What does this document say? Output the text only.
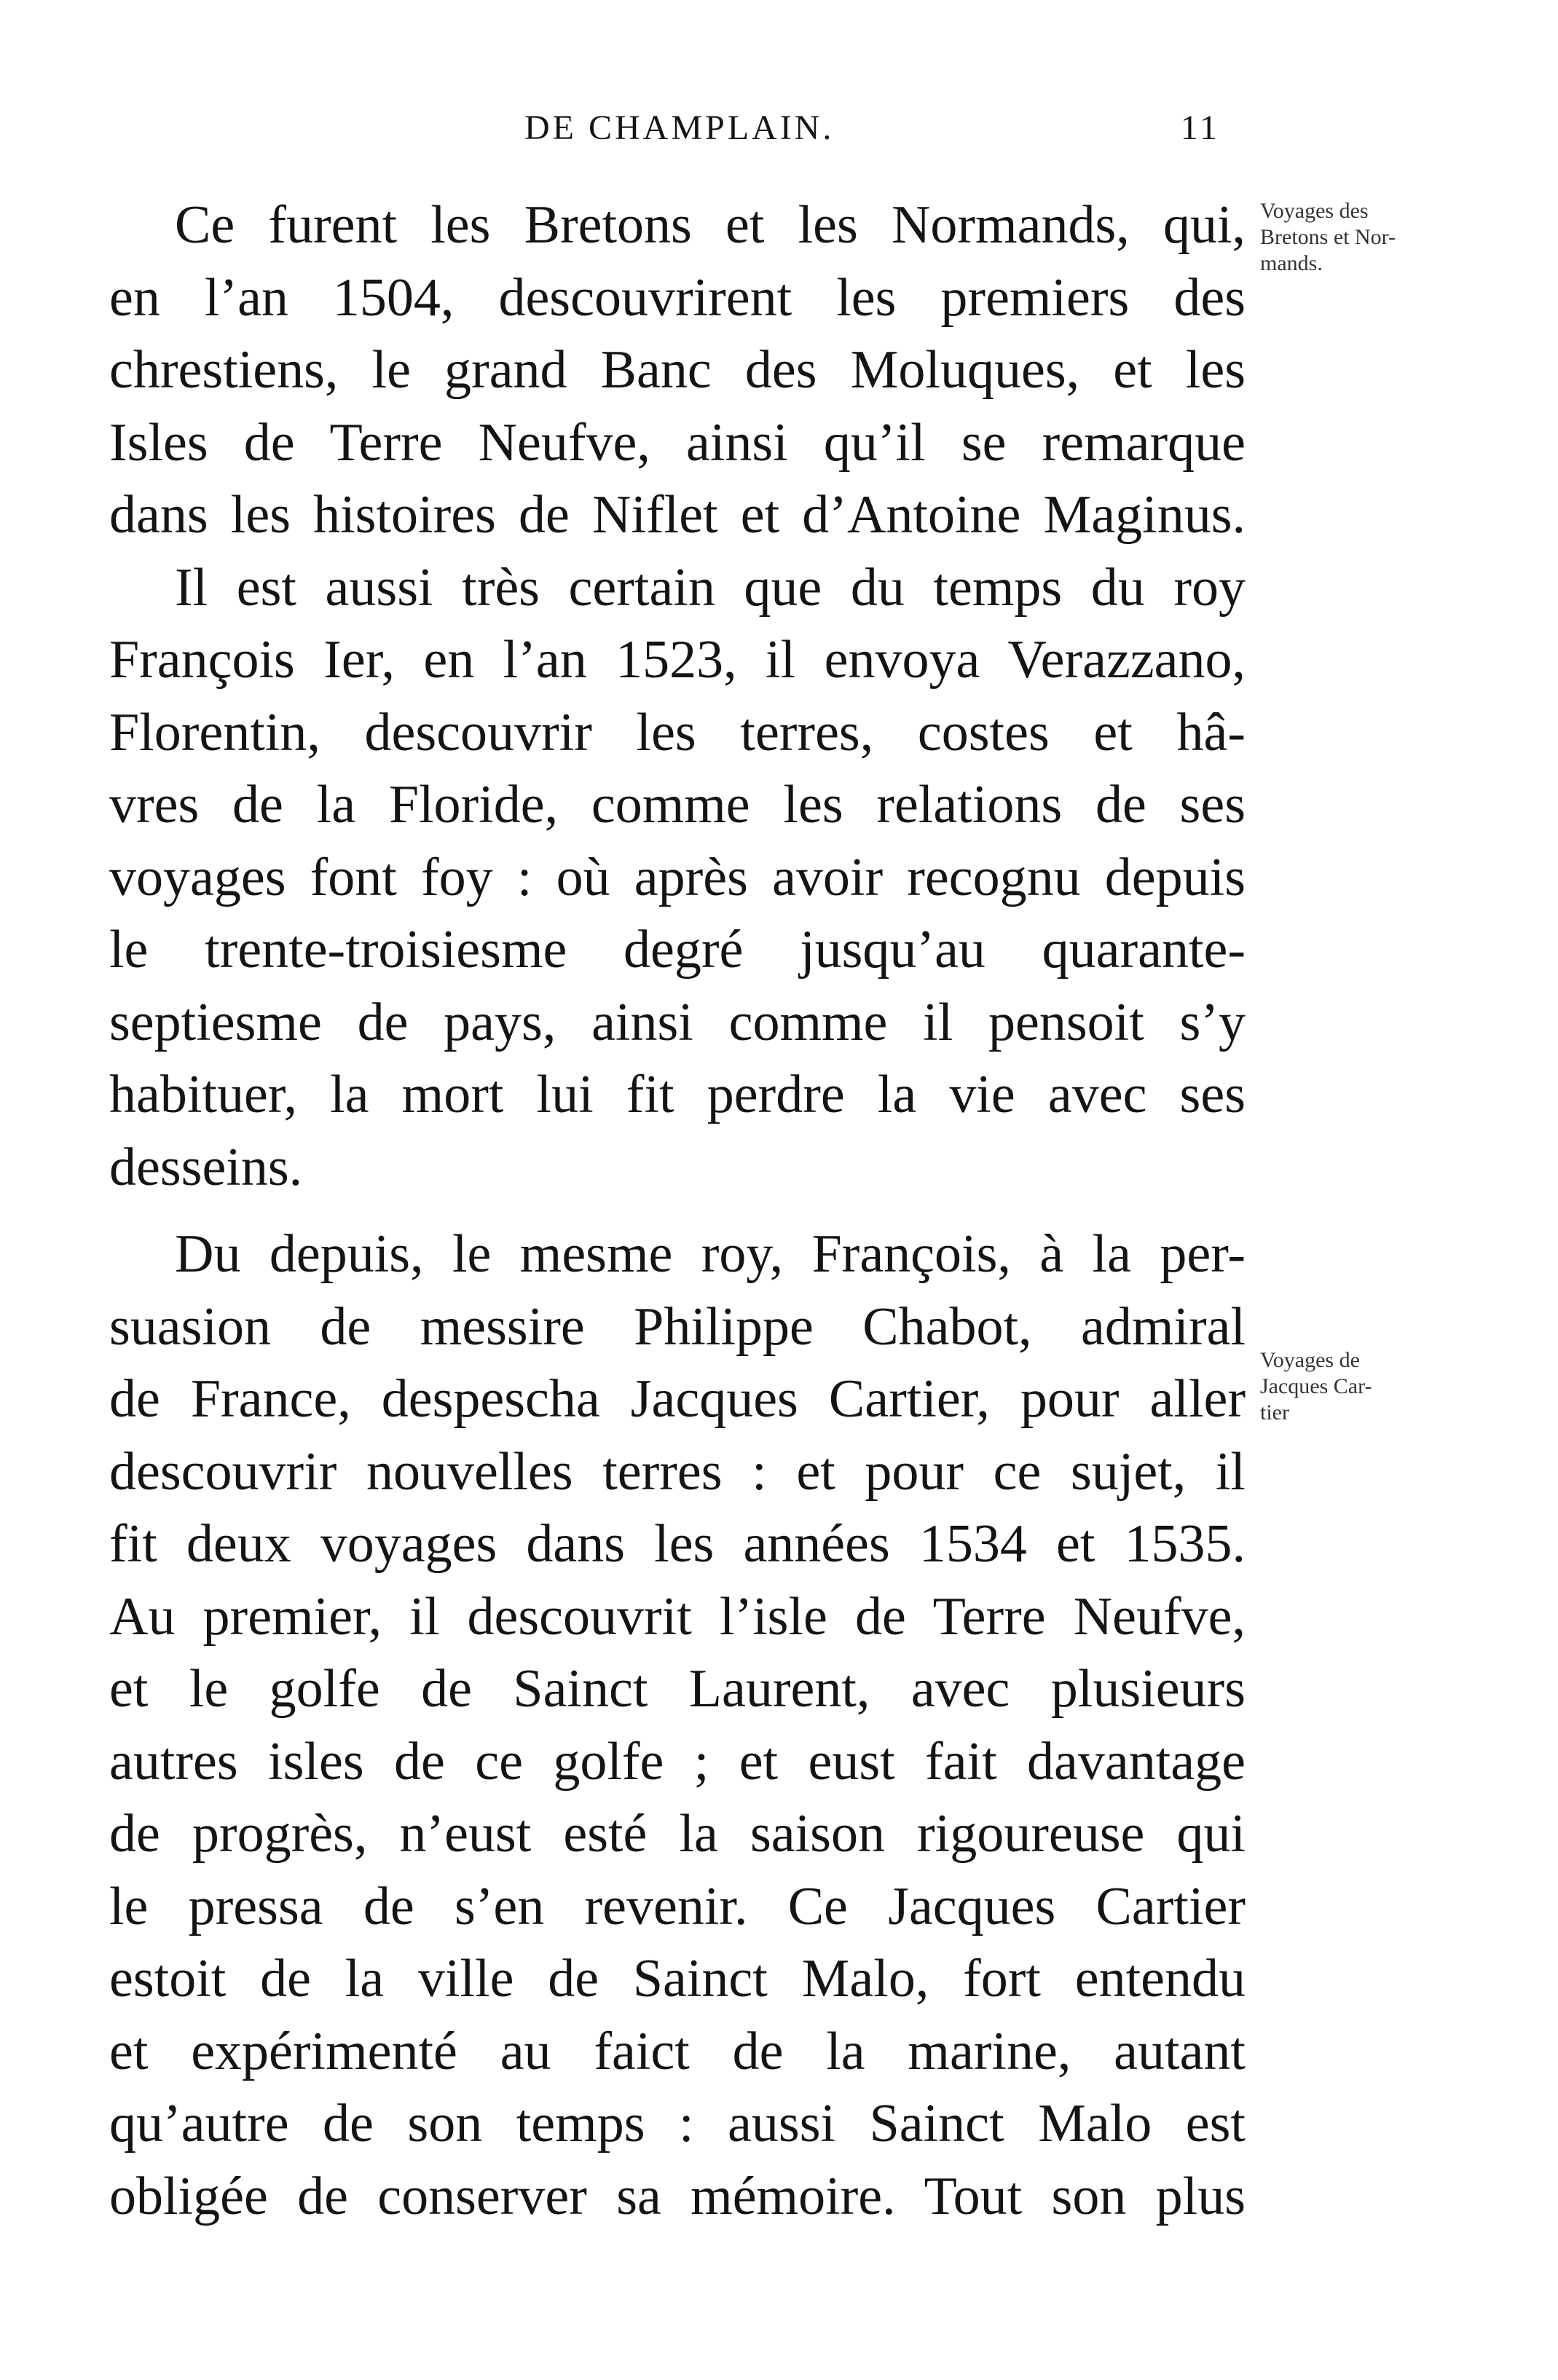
DE CHAMPLAIN.	11
Ce furent les Bretons et les Normands, qui,
en l’an 1504, descouvrirent les premiers des
chrestiens, le grand Banc des Moluques, et les
Isles de Terre Neufve, ainsi qu’il se remarque
dans les histoires de Niflet et d’Antoine Maginus.
Il est aussi très certain que du temps du roy
François Ier, en l’an 1523, il envoya Verazzano,
Florentin, descouvrir les terres, costes et hâ-
vres de la Floride, comme les relations de ses
voyages font foy : où après avoir recognu depuis
le trente-troisiesme degré jusqu’au quarante-
septiesme de pays, ainsi comme il pensoit s’y
habituer, la mort lui fit perdre la vie avec ses
desseins.
Du depuis, le mesme roy, François, à la per-
suasion de messire Philippe Chabot, admiral
de France, despescha Jacques Cartier, pour aller
descouvrir nouvelles terres : et pour ce sujet, il
fit deux voyages dans les années 1534 et 1535.
Au premier, il descouvrit l’isle de Terre Neufve,
et le golfe de Sainct Laurent, avec plusieurs
autres isles de ce golfe ; et eust fait davantage
de progrès, n’eust esté la saison rigoureuse qui
le pressa de s’en revenir. Ce Jacques Cartier
estoit de la ville de Sainct Malo, fort entendu
et expérimenté au faict de la marine, autant
qu’autre de son temps : aussi Sainct Malo est
obligée de conserver sa mémoire. Tout son plus
Voyages des
Bretons et Nor-
mands.
Voyages de
Jacques Car-
tier
